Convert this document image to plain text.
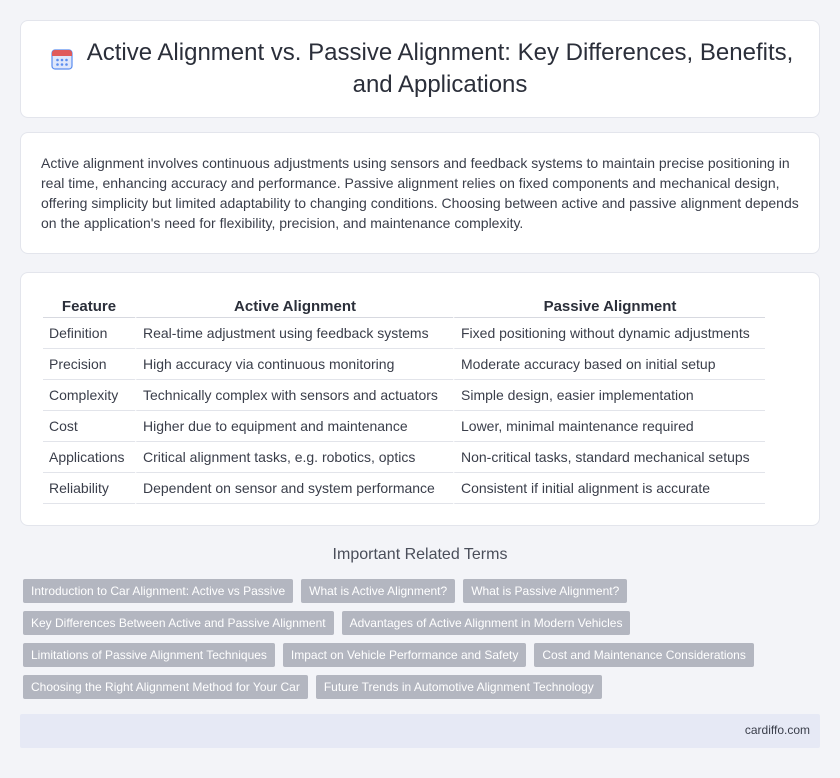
Active Alignment vs. Passive Alignment: Key Differences, Benefits, and Applications

Active alignment involves continuous adjustments using sensors and feedback systems to maintain precise positioning in real time, enhancing accuracy and performance. Passive alignment relies on fixed components and mechanical design, offering simplicity but limited adaptability to changing conditions. Choosing between active and passive alignment depends on the application's need for flexibility, precision, and maintenance complexity.

Feature	Active Alignment	Passive Alignment
Definition	Real-time adjustment using feedback systems	Fixed positioning without dynamic adjustments
Precision	High accuracy via continuous monitoring	Moderate accuracy based on initial setup
Complexity	Technically complex with sensors and actuators	Simple design, easier implementation
Cost	Higher due to equipment and maintenance	Lower, minimal maintenance required
Applications	Critical alignment tasks, e.g. robotics, optics	Non-critical tasks, standard mechanical setups
Reliability	Dependent on sensor and system performance	Consistent if initial alignment is accurate
Important Related Terms
Introduction to Car Alignment: Active vs Passive	What is Active Alignment?	What is Passive Alignment?
Key Differences Between Active and Passive Alignment	Advantages of Active Alignment in Modern Vehicles
Limitations of Passive Alignment Techniques	Impact on Vehicle Performance and Safety	Cost and Maintenance Considerations
Choosing the Right Alignment Method for Your Car	Future Trends in Automotive Alignment Technology
cardiffo.com
